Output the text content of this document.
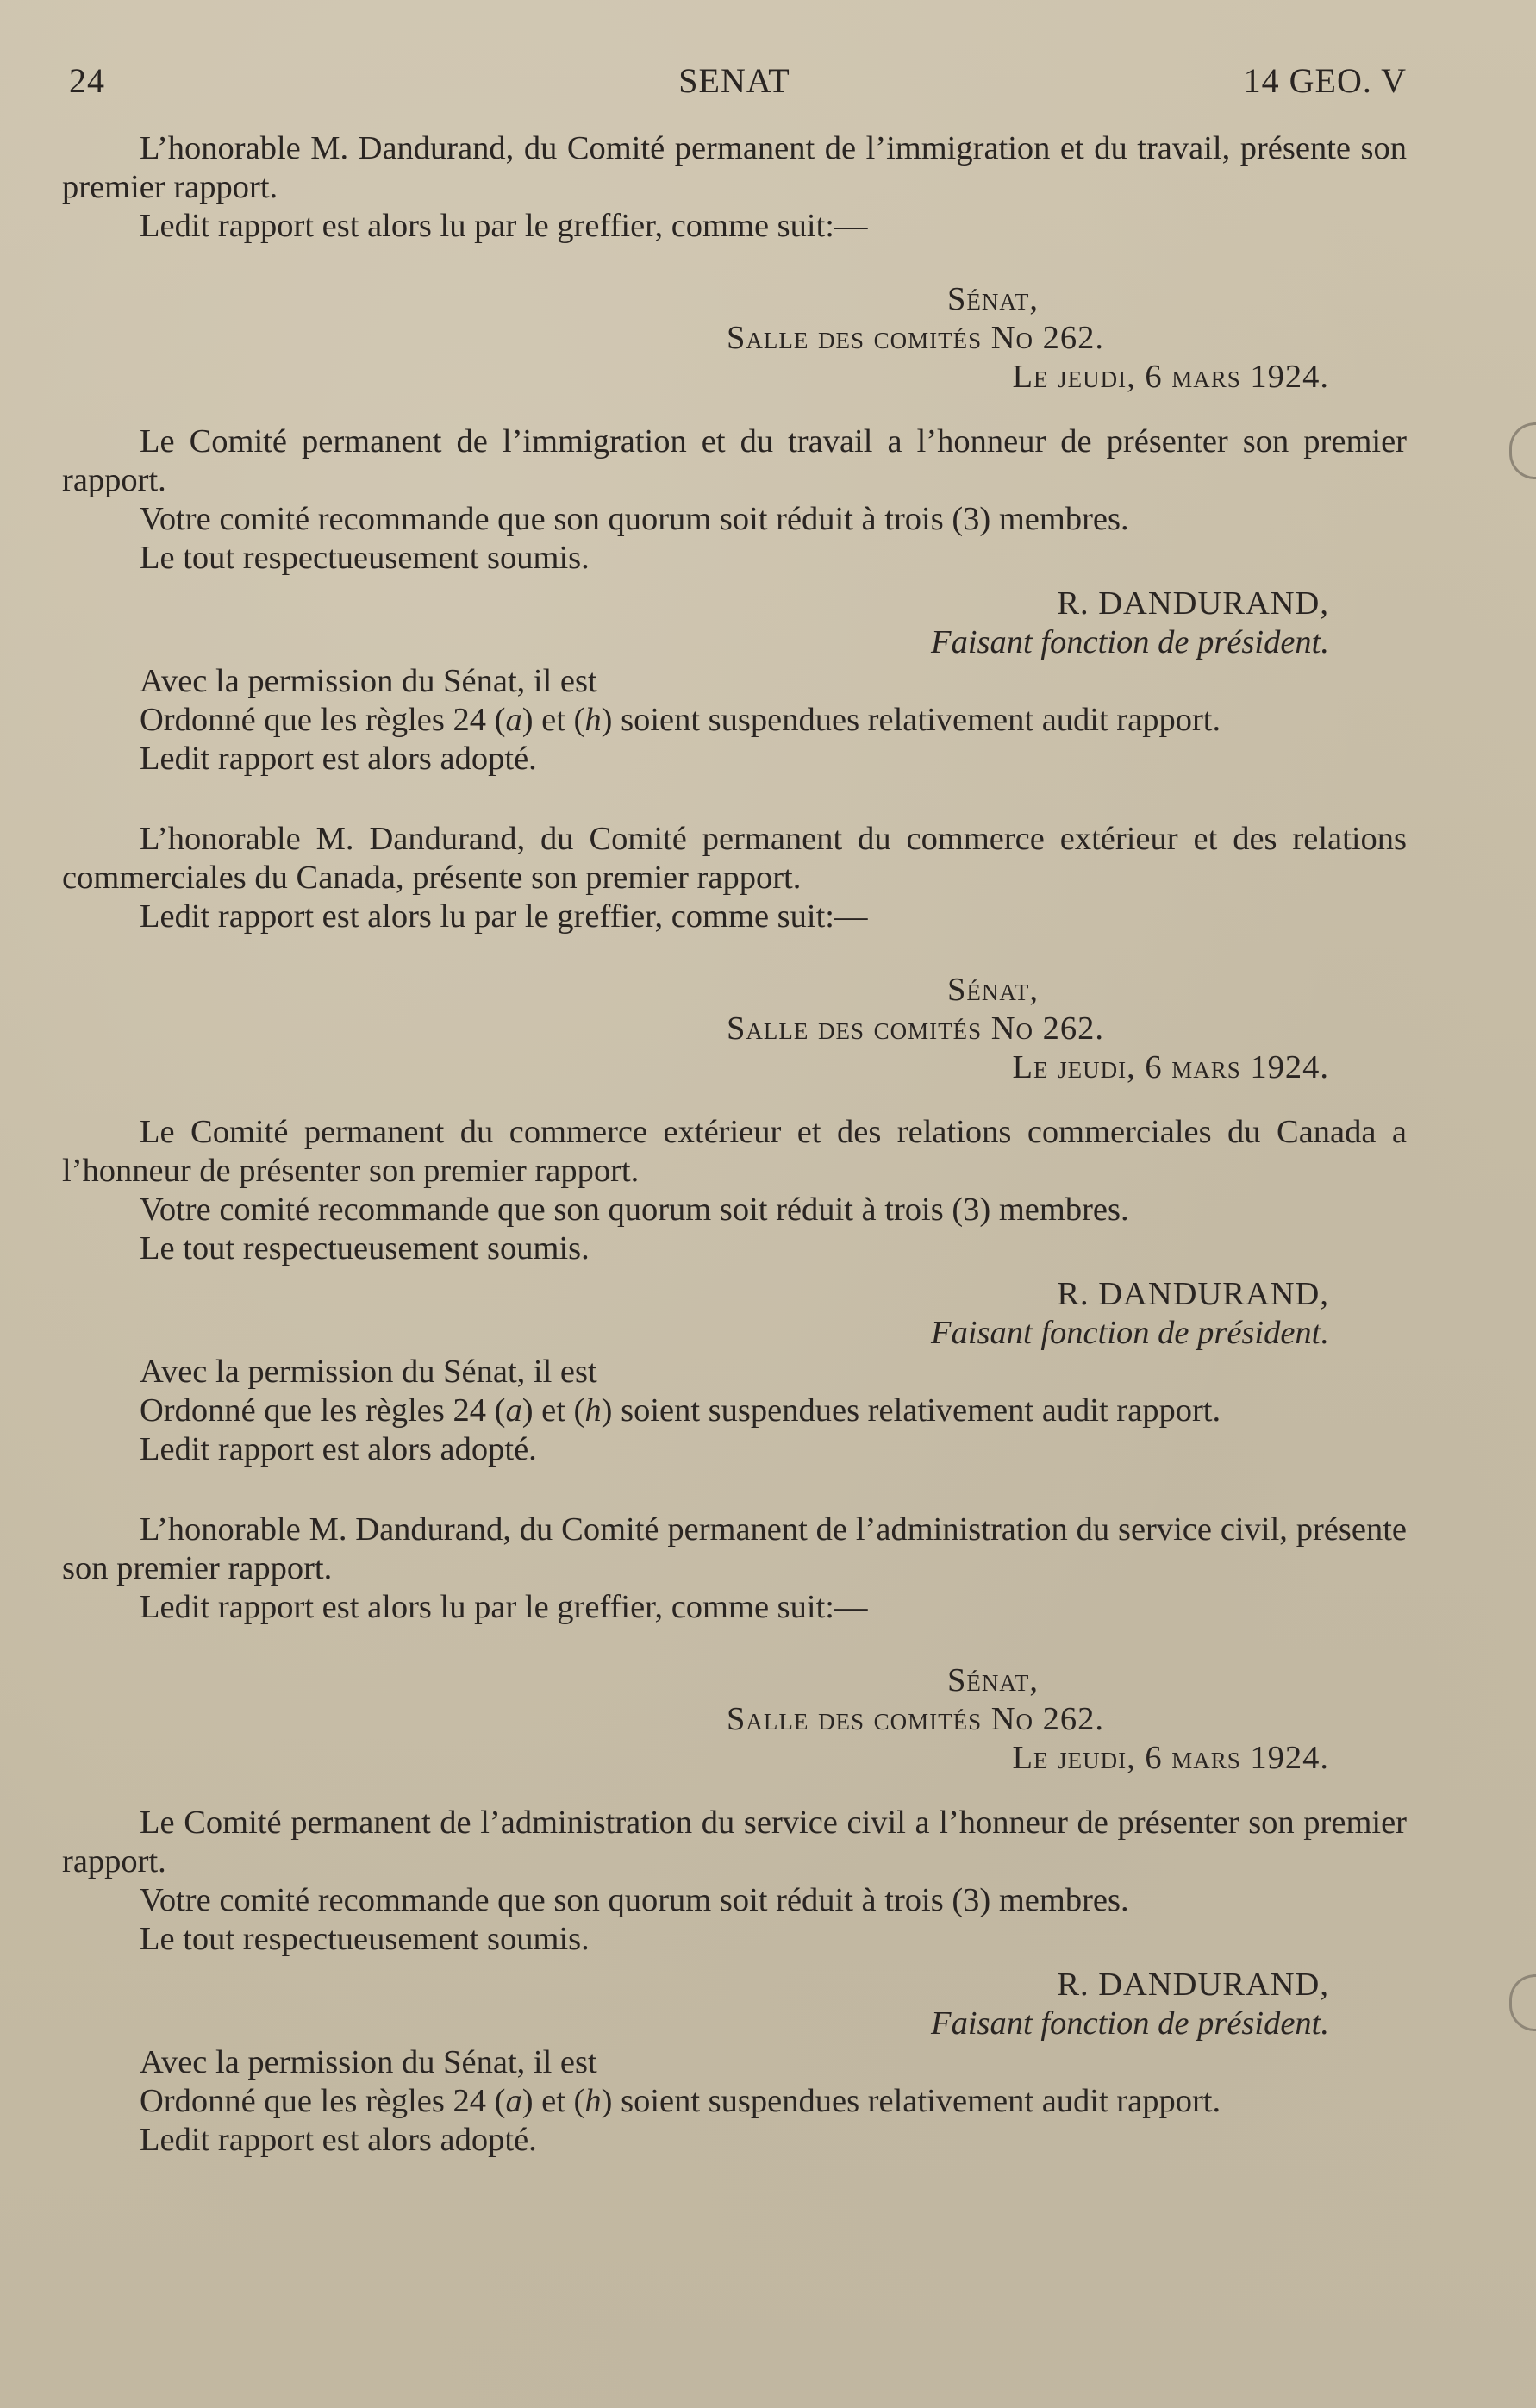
24	SENAT	14 GEO. V

L’honorable M. Dandurand, du Comité permanent de l’immigration et du travail, présente son premier rapport.

Ledit rapport est alors lu par le greffier, comme suit:—

Sénat,
Salle des comités No 262.
Le jeudi, 6 mars 1924.

Le Comité permanent de l’immigration et du travail a l’honneur de présenter son premier rapport.

Votre comité recommande que son quorum soit réduit à trois (3) membres.

Le tout respectueusement soumis.

R. DANDURAND,
Faisant fonction de président.

Avec la permission du Sénat, il est

Ordonné que les règles 24 (a) et (h) soient suspendues relativement audit rapport.

Ledit rapport est alors adopté.

L’honorable M. Dandurand, du Comité permanent du commerce extérieur et des relations commerciales du Canada, présente son premier rapport.

Ledit rapport est alors lu par le greffier, comme suit:—

Sénat,
Salle des comités No 262.
Le jeudi, 6 mars 1924.

Le Comité permanent du commerce extérieur et des relations commerciales du Canada a l’honneur de présenter son premier rapport.

Votre comité recommande que son quorum soit réduit à trois (3) membres.

Le tout respectueusement soumis.

R. DANDURAND,
Faisant fonction de président.

Avec la permission du Sénat, il est

Ordonné que les règles 24 (a) et (h) soient suspendues relativement audit rapport.

Ledit rapport est alors adopté.

L’honorable M. Dandurand, du Comité permanent de l’administration du service civil, présente son premier rapport.

Ledit rapport est alors lu par le greffier, comme suit:—

Sénat,
Salle des comités No 262.
Le jeudi, 6 mars 1924.

Le Comité permanent de l’administration du service civil a l’honneur de présenter son premier rapport.

Votre comité recommande que son quorum soit réduit à trois (3) membres.

Le tout respectueusement soumis.

R. DANDURAND,
Faisant fonction de président.

Avec la permission du Sénat, il est

Ordonné que les règles 24 (a) et (h) soient suspendues relativement audit rapport.

Ledit rapport est alors adopté.
